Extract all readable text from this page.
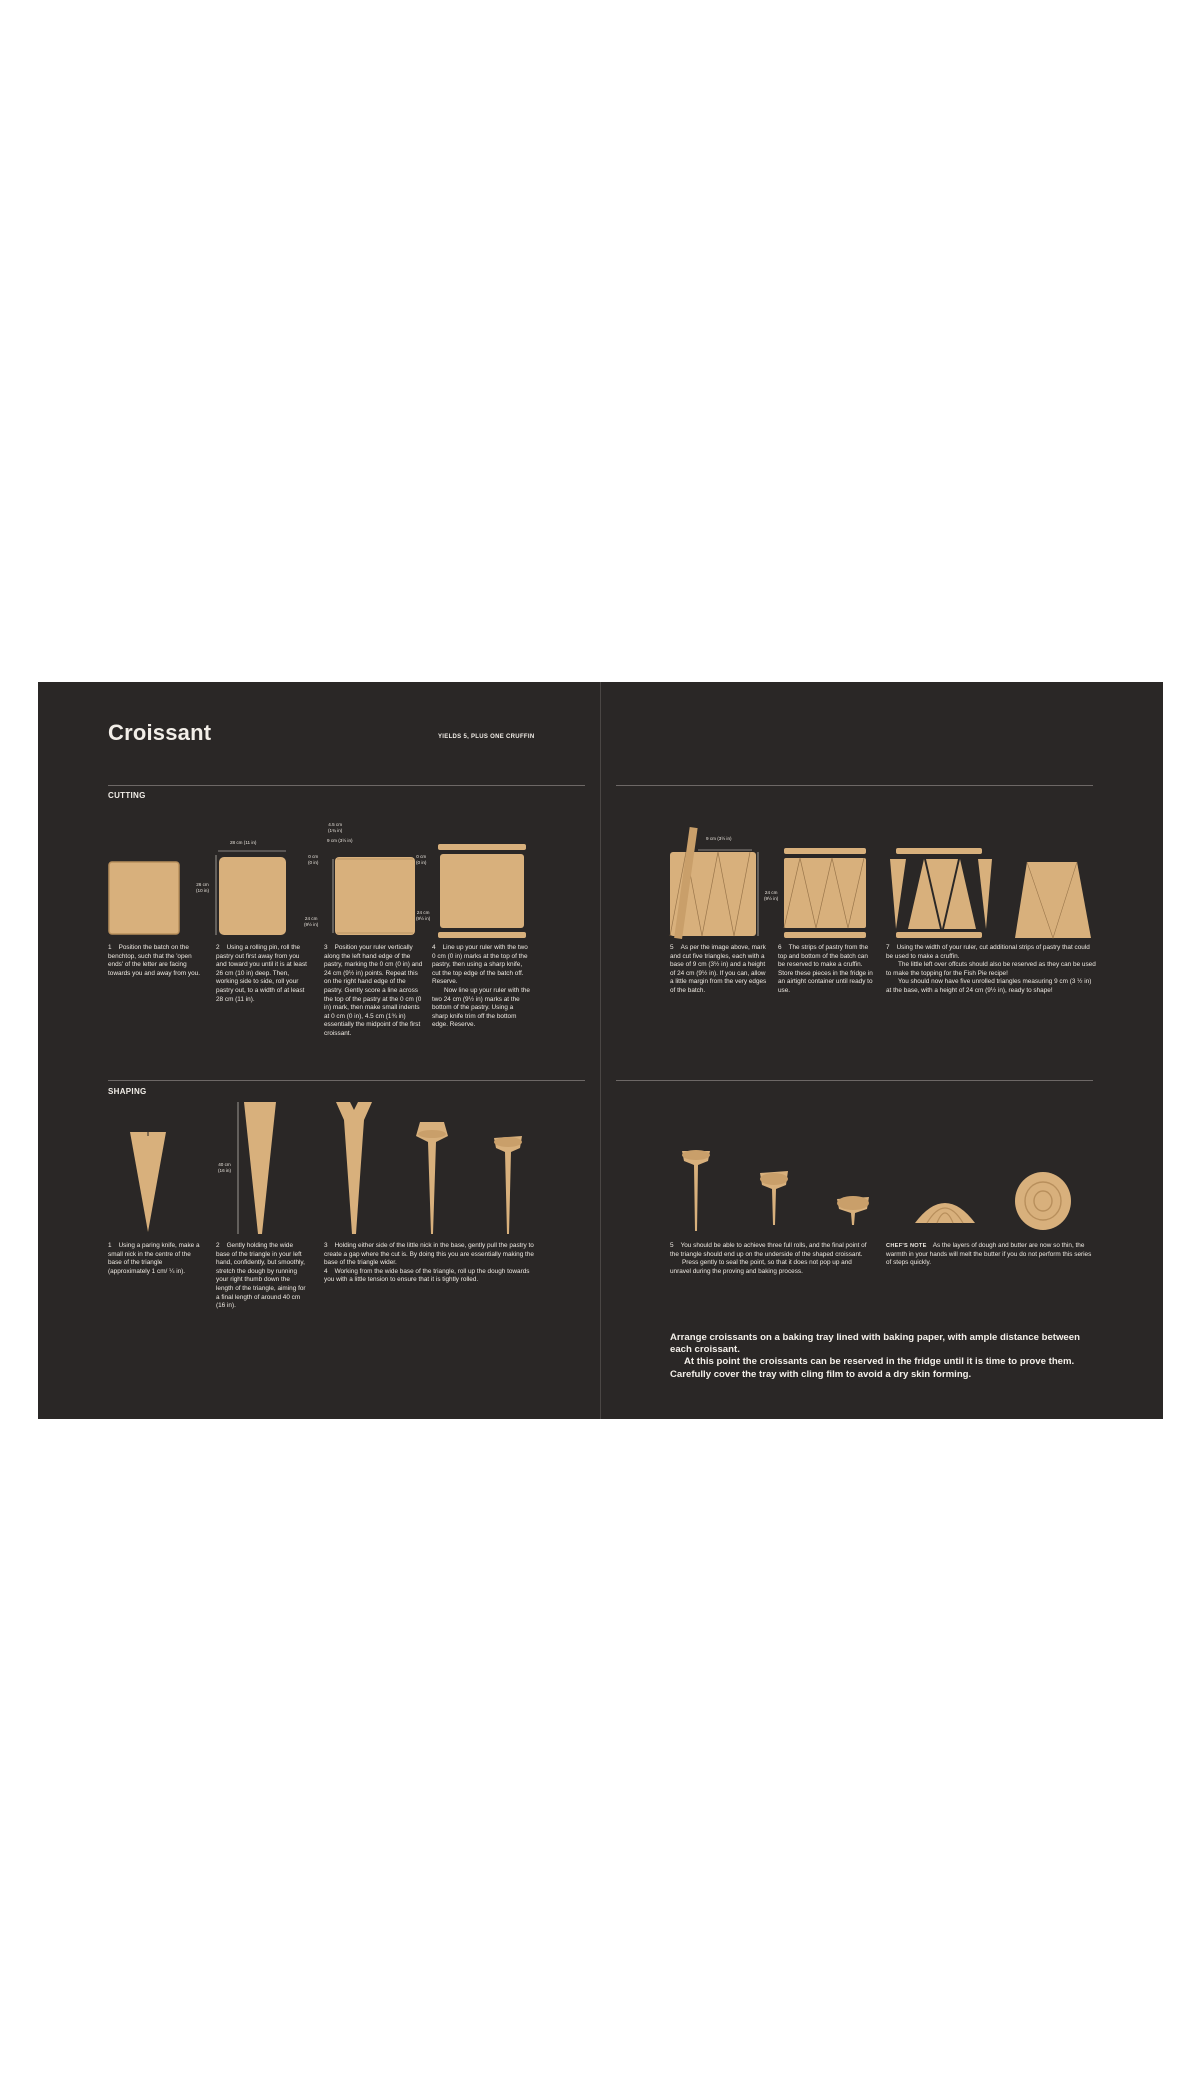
Croissant	YIELDS 5, PLUS ONE CRUFFIN
CUTTING
SHAPING
26 cm
(10 in)
28 cm (11 in)
4.5 cm
(1¾ in)
9 cm (3½ in)
0 cm
(0 in)
0 cm
(0 in)
24 cm
(9½ in)
24 cm
(9½ in)
9 cm (3½ in)
24 cm
(9½ in)
1 Position the batch on the benchtop, such that the 'open ends' of the letter are facing towards you and away from you.
2 Using a rolling pin, roll the pastry out first away from you and toward you until it is at least 26 cm (10 in) deep. Then, working side to side, roll your pastry out, to a width of at least 28 cm (11 in).
3 Position your ruler vertically along the left hand edge of the pastry, marking the 0 cm (0 in) and 24 cm (9½ in) points. Repeat this on the right hand edge of the pastry. Gently score a line across the top of the pastry at the 0 cm (0 in) mark, then make small indents at 0 cm (0 in), 4.5 cm (1¾ in) essentially the midpoint of the first croissant.

4 Line up your ruler with the two 0 cm (0 in) marks at the top of the pastry, then using a sharp knife, cut the top edge of the batch off. Reserve.

Now line up your ruler with the two 24 cm (9½ in) marks at the bottom of the pastry. Using a sharp knife trim off the bottom edge. Reserve.

5 As per the image above, mark and cut five triangles, each with a base of 9 cm (3½ in) and a height of 24 cm (9½ in). If you can, allow a little margin from the very edges of the batch.
6 The strips of pastry from the top and bottom of the batch can be reserved to make a cruffin. Store these pieces in the fridge in an airtight container until ready to use.

7 Using the width of your ruler, cut additional strips of pastry that could be used to make a cruffin.

The little left over offcuts should also be reserved as they can be used to make the topping for the Fish Pie recipe!

You should now have five unrolled triangles measuring 9 cm (3 ½ in) at the base, with a height of 24 cm (9½ in), ready to shape!

40 cm
(16 in)
1 Using a paring knife, make a small nick in the centre of the base of the triangle (approximately 1 cm/ ¼ in).
2 Gently holding the wide base of the triangle in your left hand, confidently, but smoothly, stretch the dough by running your right thumb down the length of the triangle, aiming for a final length of around 40 cm (16 in).

3 Holding either side of the little nick in the base, gently pull the pastry to create a gap where the cut is. By doing this you are essentially making the base of the triangle wider.

4 Working from the wide base of the triangle, roll up the dough towards you with a little tension to ensure that it is tightly rolled.

5 You should be able to achieve three full rolls, and the final point of the triangle should end up on the underside of the shaped croissant.

Press gently to seal the point, so that it does not pop up and unravel during the proving and baking process.

CHEF'S NOTE As the layers of dough and butter are now so thin, the warmth in your hands will melt the butter if you do not perform this series of steps quickly.

Arrange croissants on a baking tray lined with baking paper, with ample distance between each croissant.

At this point the croissants can be reserved in the fridge until it is time to prove them. Carefully cover the tray with cling film to avoid a dry skin forming.
